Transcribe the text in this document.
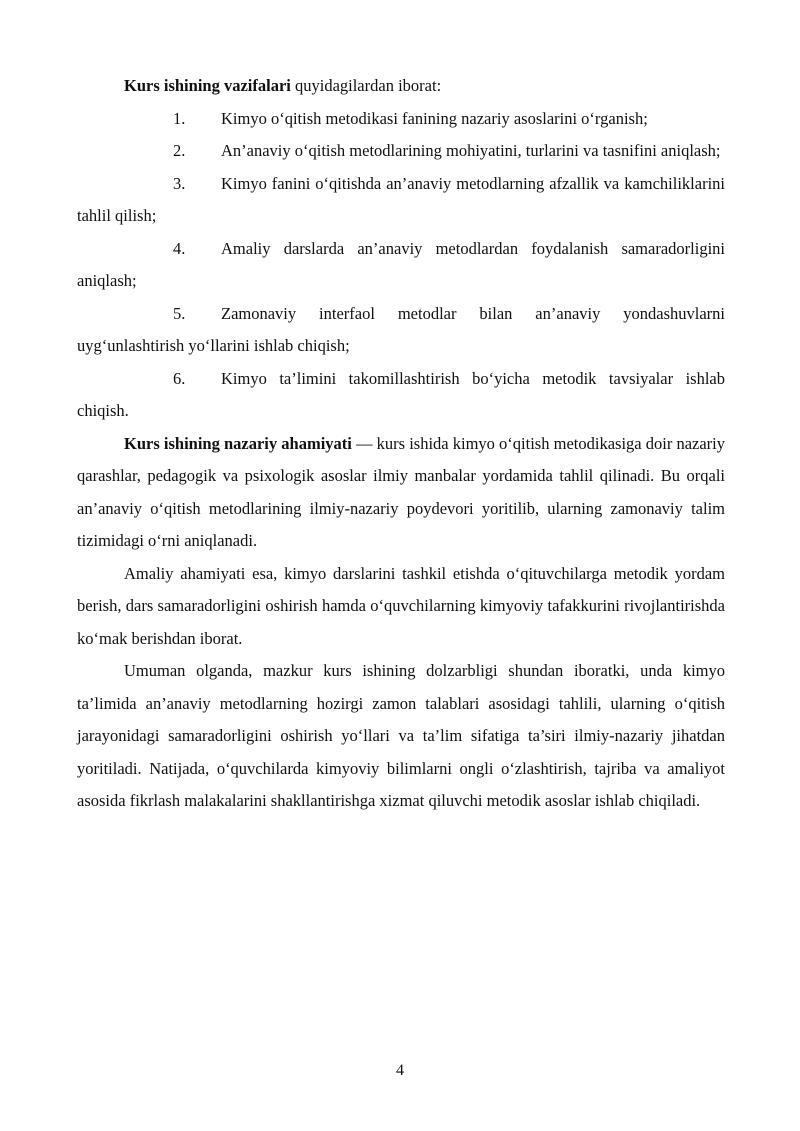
Kurs ishining vazifalari quyidagilardan iborat:

1. Kimyo o‘qitish metodikasi fanining nazariy asoslarini o‘rganish;

2. An’anaviy o‘qitish metodlarining mohiyatini, turlarini va tasnifini aniqlash;

3. Kimyo fanini o‘qitishda an’anaviy metodlarning afzallik va kamchiliklarini tahlil qilish;

4. Amaliy darslarda an’anaviy metodlardan foydalanish samaradorligini aniqlash;

5. Zamonaviy interfaol metodlar bilan an’anaviy yondashuvlarni uyg‘unlashtirish yo‘llarini ishlab chiqish;

6. Kimyo ta’limini takomillashtirish bo‘yicha metodik tavsiyalar ishlab chiqish.

Kurs ishining nazariy ahamiyati — kurs ishida kimyo o‘qitish metodikasiga doir nazariy qarashlar, pedagogik va psixologik asoslar ilmiy manbalar yordamida tahlil qilinadi. Bu orqali an’anaviy o‘qitish metodlarining ilmiy-nazariy poydevori yoritilib, ularning zamonaviy talim tizimidagi o‘rni aniqlanadi.

Amaliy ahamiyati esa, kimyo darslarini tashkil etishda o‘qituvchilarga metodik yordam berish, dars samaradorligini oshirish hamda o‘quvchilarning kimyoviy tafakkurini rivojlantirishda ko‘mak berishdan iborat.

Umuman olganda, mazkur kurs ishining dolzarbligi shundan iboratki, unda kimyo ta’limida an’anaviy metodlarning hozirgi zamon talablari asosidagi tahlili, ularning o‘qitish jarayonidagi samaradorligini oshirish yo‘llari va ta’lim sifatiga ta’siri ilmiy-nazariy jihatdan yoritiladi. Natijada, o‘quvchilarda kimyoviy bilimlarni ongli o‘zlashtirish, tajriba va amaliyot asosida fikrlash malakalarini shakllantirishga xizmat qiluvchi metodik asoslar ishlab chiqiladi.

4
